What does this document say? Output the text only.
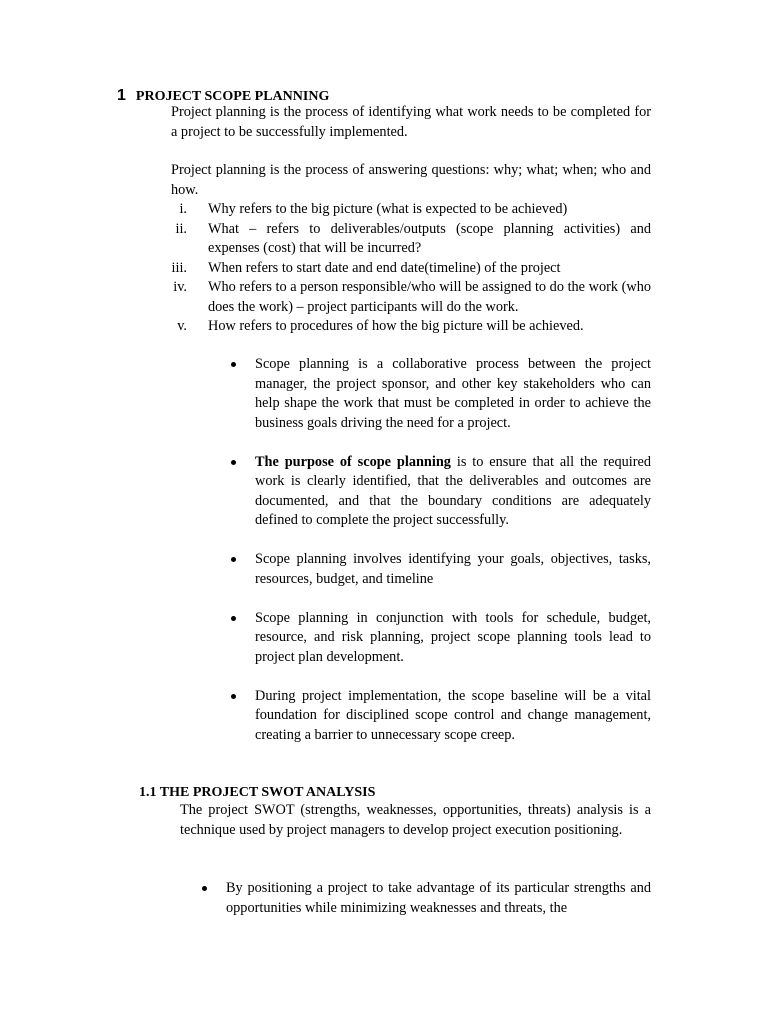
1 PROJECT SCOPE PLANNING

Project planning is the process of identifying what work needs to be completed for a project to be successfully implemented.

Project planning is the process of answering questions: why; what; when; who and how.

i. Why refers to the big picture (what is expected to be achieved)
ii. What – refers to deliverables/outputs (scope planning activities) and expenses (cost) that will be incurred?
iii. When refers to start date and end date(timeline) of the project
iv. Who refers to a person responsible/who will be assigned to do the work (who does the work) – project participants will do the work.
v. How refers to procedures of how the big picture will be achieved.
Scope planning is a collaborative process between the project manager, the project sponsor, and other key stakeholders who can help shape the work that must be completed in order to achieve the business goals driving the need for a project.
The purpose of scope planning is to ensure that all the required work is clearly identified, that the deliverables and outcomes are documented, and that the boundary conditions are adequately defined to complete the project successfully.
Scope planning involves identifying your goals, objectives, tasks, resources, budget, and timeline
Scope planning in conjunction with tools for schedule, budget, resource, and risk planning, project scope planning tools lead to project plan development.
During project implementation, the scope baseline will be a vital foundation for disciplined scope control and change management, creating a barrier to unnecessary scope creep.
1.1 THE PROJECT SWOT ANALYSIS

The project SWOT (strengths, weaknesses, opportunities, threats) analysis is a technique used by project managers to develop project execution positioning.

By positioning a project to take advantage of its particular strengths and opportunities while minimizing weaknesses and threats, the
